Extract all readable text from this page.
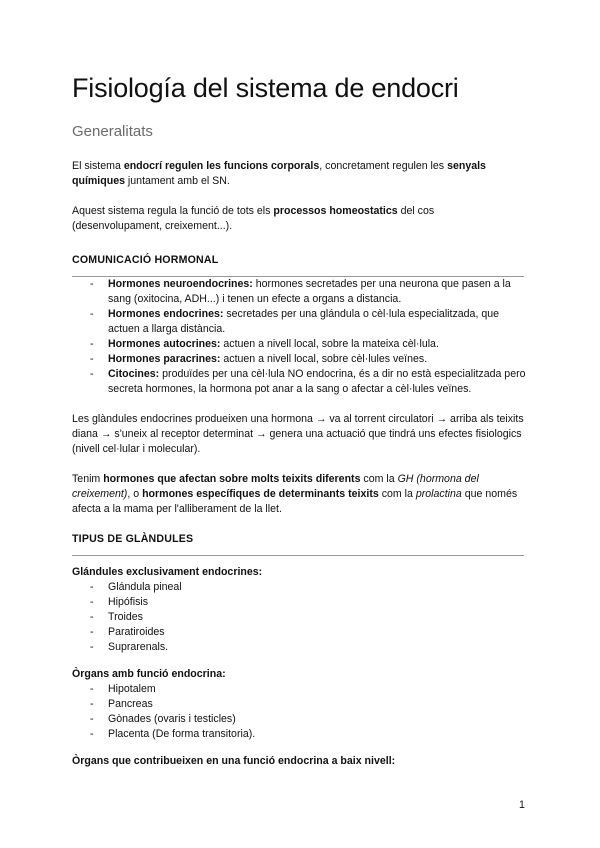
Fisiología del sistema de endocri
Generalitats

El sistema endocrí regulen les funcions corporals, concretament regulen les senyals químiques juntament amb el SN.

Aquest sistema regula la funció de tots els processos homeostatics del cos (desenvolupament, creixement...).

COMUNICACIÓ HORMONAL
- Hormones neuroendocrines: hormones secretades per una neurona que pasen a la sang (oxitocina, ADH...) i tenen un efecte a organs a distancia.
- Hormones endocrines: secretades per una glándula o cèl·lula especialitzada, que actuen a llarga distància.
- Hormones autocrines: actuen a nivell local, sobre la mateixa cèl·lula.
- Hormones paracrines: actuen a nivell local, sobre cèl·lules veïnes.
- Citocines: produïdes per una cèl·lula NO endocrina, és a dir no està especialitzada pero secreta hormones, la hormona pot anar a la sang o afectar a cèl·lules veïnes.

Les glàndules endocrines produeixen una hormona → va al torrent circulatori → arriba als teixits diana → s'uneix al receptor determinat → genera una actuació que tindrá uns efectes fisiologics (nivell cel·lular i molecular).

Tenim hormones que afectan sobre molts teixits diferents com la GH (hormona del creixement), o hormones específiques de determinants teixits com la prolactina que només afecta a la mama per l'alliberament de la llet.

TIPUS DE GLÀNDULES
Glándules exclusivament endocrines:
- Glándula pineal
- Hipófisis
- Troides
- Paratiroides
- Suprarenals.
Òrgans amb funció endocrina:
- Hipotalem
- Pancreas
- Gònades (ovaris i testicles)
- Placenta (De forma transitoria).
Òrgans que contribueixen en una funció endocrina a baix nivell:
1
